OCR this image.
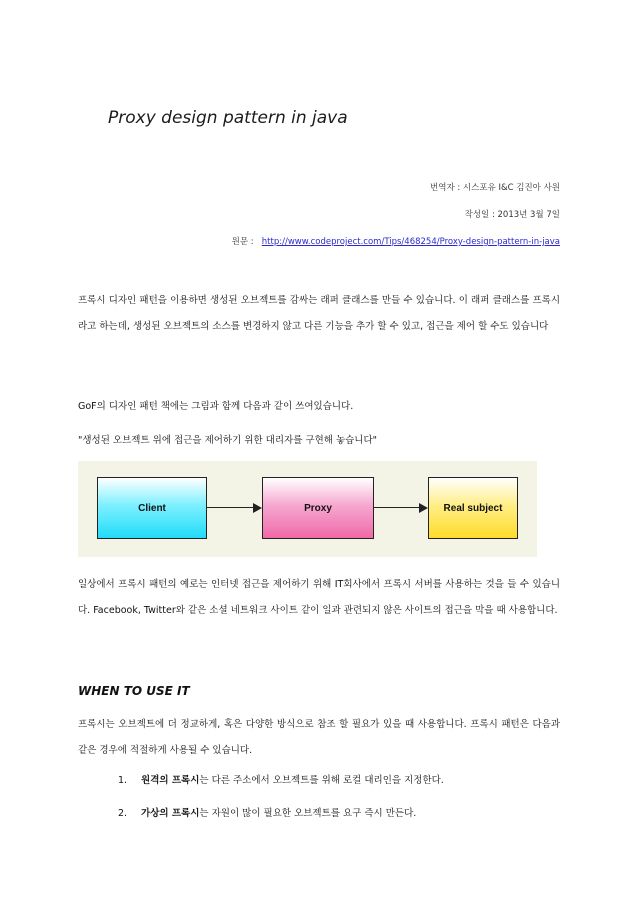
Proxy design pattern in java
번역자 : 시스포유 I&C 김진아 사원
작성일 : 2013년 3월 7일
원문 : http://www.codeproject.com/Tips/468254/Proxy-design-pattern-in-java
프록시 디자인 패턴을 이용하면 생성된 오브젝트를 감싸는 래퍼 클래스를 만들 수 있습니다. 이 래퍼 클래스를 프록시 라고 하는데, 생성된 오브젝트의 소스를 변경하지 않고 다른 기능을 추가 할 수 있고, 접근을 제어 할 수도 있습니다
GoF의 디자인 패턴 책에는 그림과 함께 다음과 같이 쓰여있습니다.
"생성된 오브젝트 위에 접근을 제어하기 위한 대리자를 구현해 놓습니다"
Client	Proxy	Real subject
일상에서 프록시 패턴의 예로는 인터넷 접근을 제어하기 위해 IT회사에서 프록시 서버를 사용하는 것을 들 수 있습니다. Facebook, Twitter와 같은 소셜 네트워크 사이트 같이 일과 관련되지 않은 사이트의 접근을 막을 때 사용합니다.
WHEN TO USE IT
프록시는 오브젝트에 더 정교하게, 혹은 다양한 방식으로 참조 할 필요가 있을 때 사용합니다. 프록시 패턴은 다음과 같은 경우에 적절하게 사용될 수 있습니다.
1. 원격의 프록시는 다른 주소에서 오브젝트를 위해 로컬 대리인을 지정한다.
2. 가상의 프록시는 자원이 많이 필요한 오브젝트를 요구 즉시 만든다.
